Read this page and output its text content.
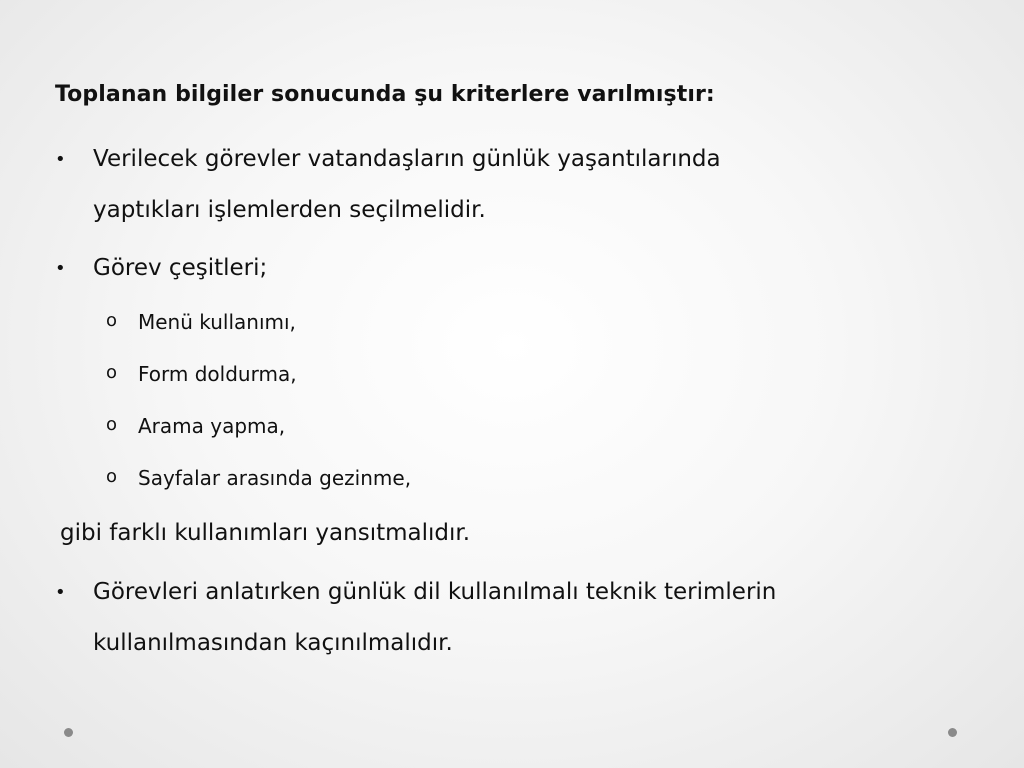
Toplanan bilgiler sonucunda şu kriterlere varılmıştır:
•	Verilecek görevler vatandaşların günlük yaşantılarında
yaptıkları işlemlerden seçilmelidir.
•	Görev çeşitleri;
o	Menü kullanımı,
o	Form doldurma,
o	Arama yapma,
o	Sayfalar arasında gezinme,
gibi farklı kullanımları yansıtmalıdır.
•	Görevleri anlatırken günlük dil kullanılmalı teknik terimlerin
kullanılmasından kaçınılmalıdır.
